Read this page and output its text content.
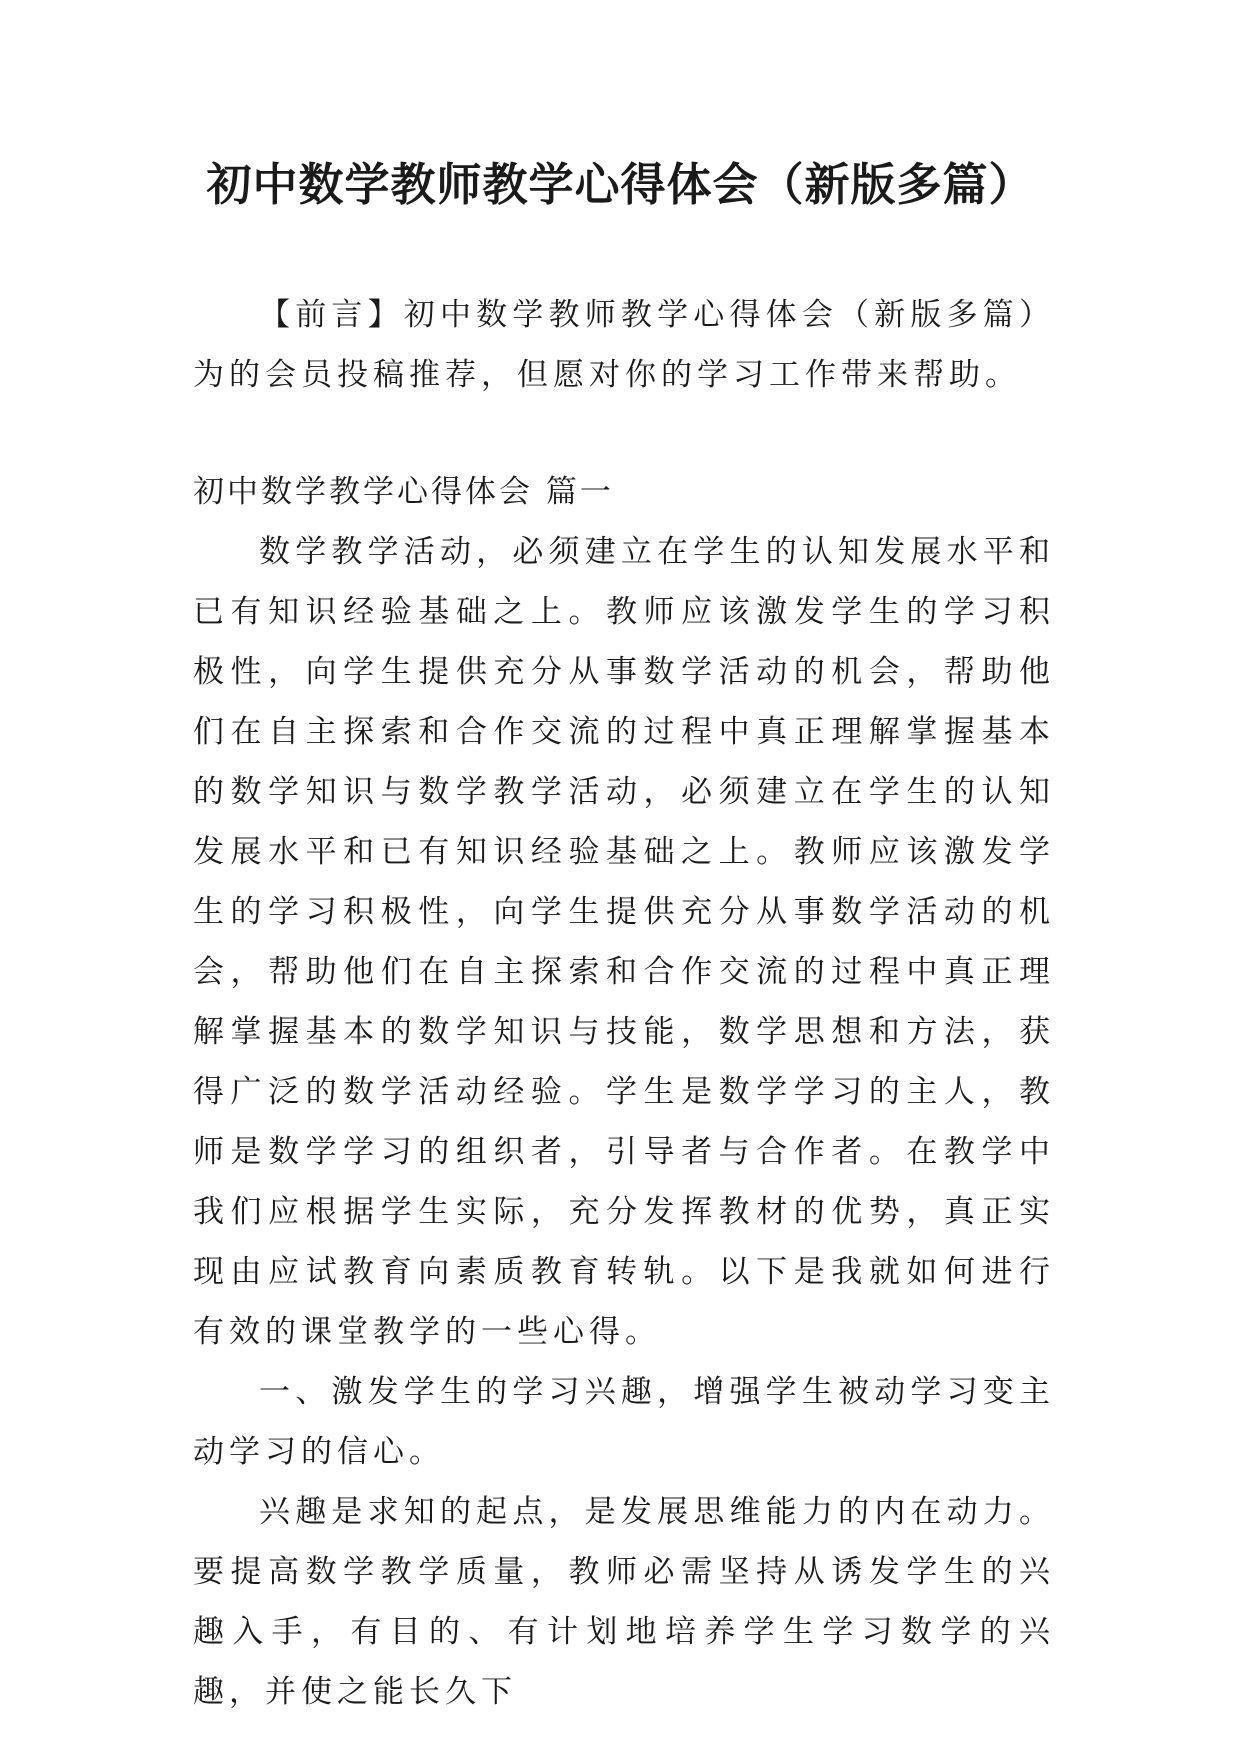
初中数学教师教学心得体会（新版多篇）

【前言】初中数学教师教学心得体会（新版多篇）为的会员投稿推荐，但愿对你的学习工作带来帮助。

初中数学教学心得体会 篇一

数学教学活动，必须建立在学生的认知发展水平和已有知识经验基础之上。教师应该激发学生的学习积极性，向学生提供充分从事数学活动的机会，帮助他们在自主探索和合作交流的过程中真正理解掌握基本的数学知识与数学教学活动，必须建立在学生的认知发展水平和已有知识经验基础之上。教师应该激发学生的学习积极性，向学生提供充分从事数学活动的机会，帮助他们在自主探索和合作交流的过程中真正理解掌握基本的数学知识与技能，数学思想和方法，获得广泛的数学活动经验。学生是数学学习的主人，教师是数学学习的组织者，引导者与合作者。在教学中我们应根据学生实际，充分发挥教材的优势，真正实现由应试教育向素质教育转轨。以下是我就如何进行有效的课堂教学的一些心得。

一、激发学生的学习兴趣，增强学生被动学习变主动学习的信心。

兴趣是求知的起点，是发展思维能力的内在动力。要提高数学教学质量，教师必需坚持从诱发学生的兴趣入手，有目的、有计划地培养学生学习数学的兴趣，并使之能长久下
